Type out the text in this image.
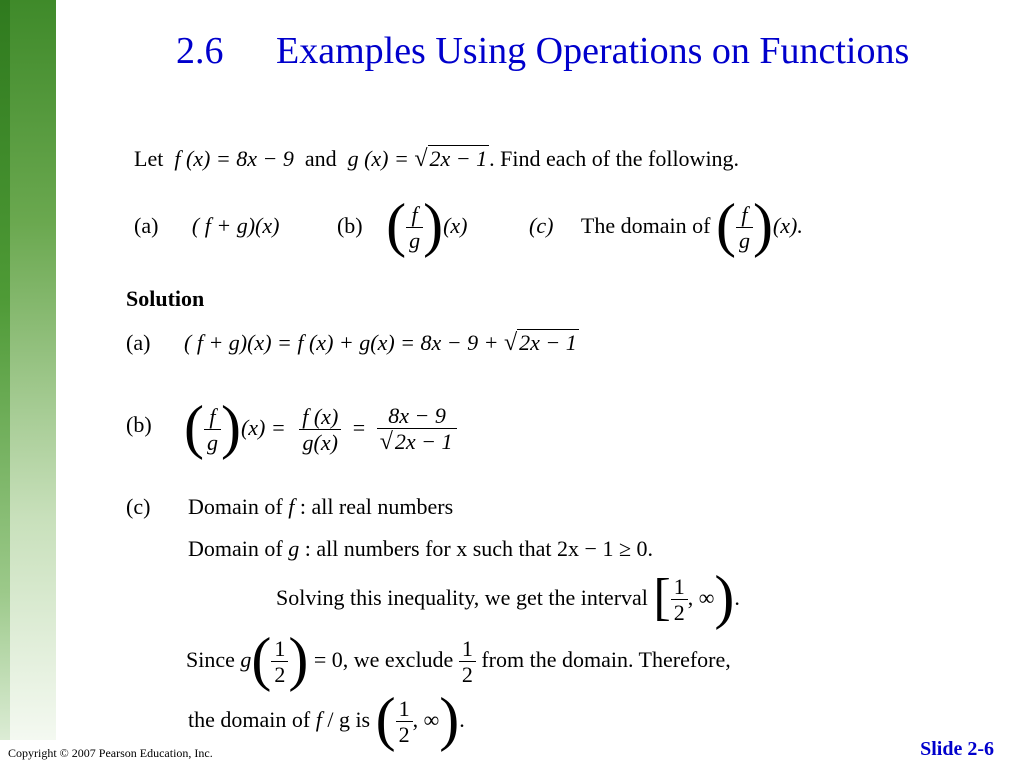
2.6 Examples Using Operations on Functions
Let f (x) = 8x − 9 and g (x) = √2x − 1. Find each of the following.
(a) ( f + g)(x)	(b) ( $\frac{f}{g} )(x)$	(c) The domain of ( $\frac{f}{g} )(x)$.
Solution
(a) ( f + g)(x) = f (x) + g(x) = 8x − 9 + √2x − 1
(b) ( $\frac{f}{g} )(x) = \frac{f (x)}{g(x)} = \frac{8x - 9}{√2x - 1}$
(c) Domain of f : all real numbers
Domain of g : all numbers for x such that 2x − 1 ≥ 0.
Solving this inequality, we get the interval [ $\frac{1}{2}$ , ∞).
Since $g( \frac{1}{2}$ ) = 0, we exclude $\frac{1}{2}$ from the domain. Therefore,
the domain of f / g is ( $\frac{1}{2}$ , ∞).
Copyright © 2007 Pearson Education, Inc.	Slide 2-6
